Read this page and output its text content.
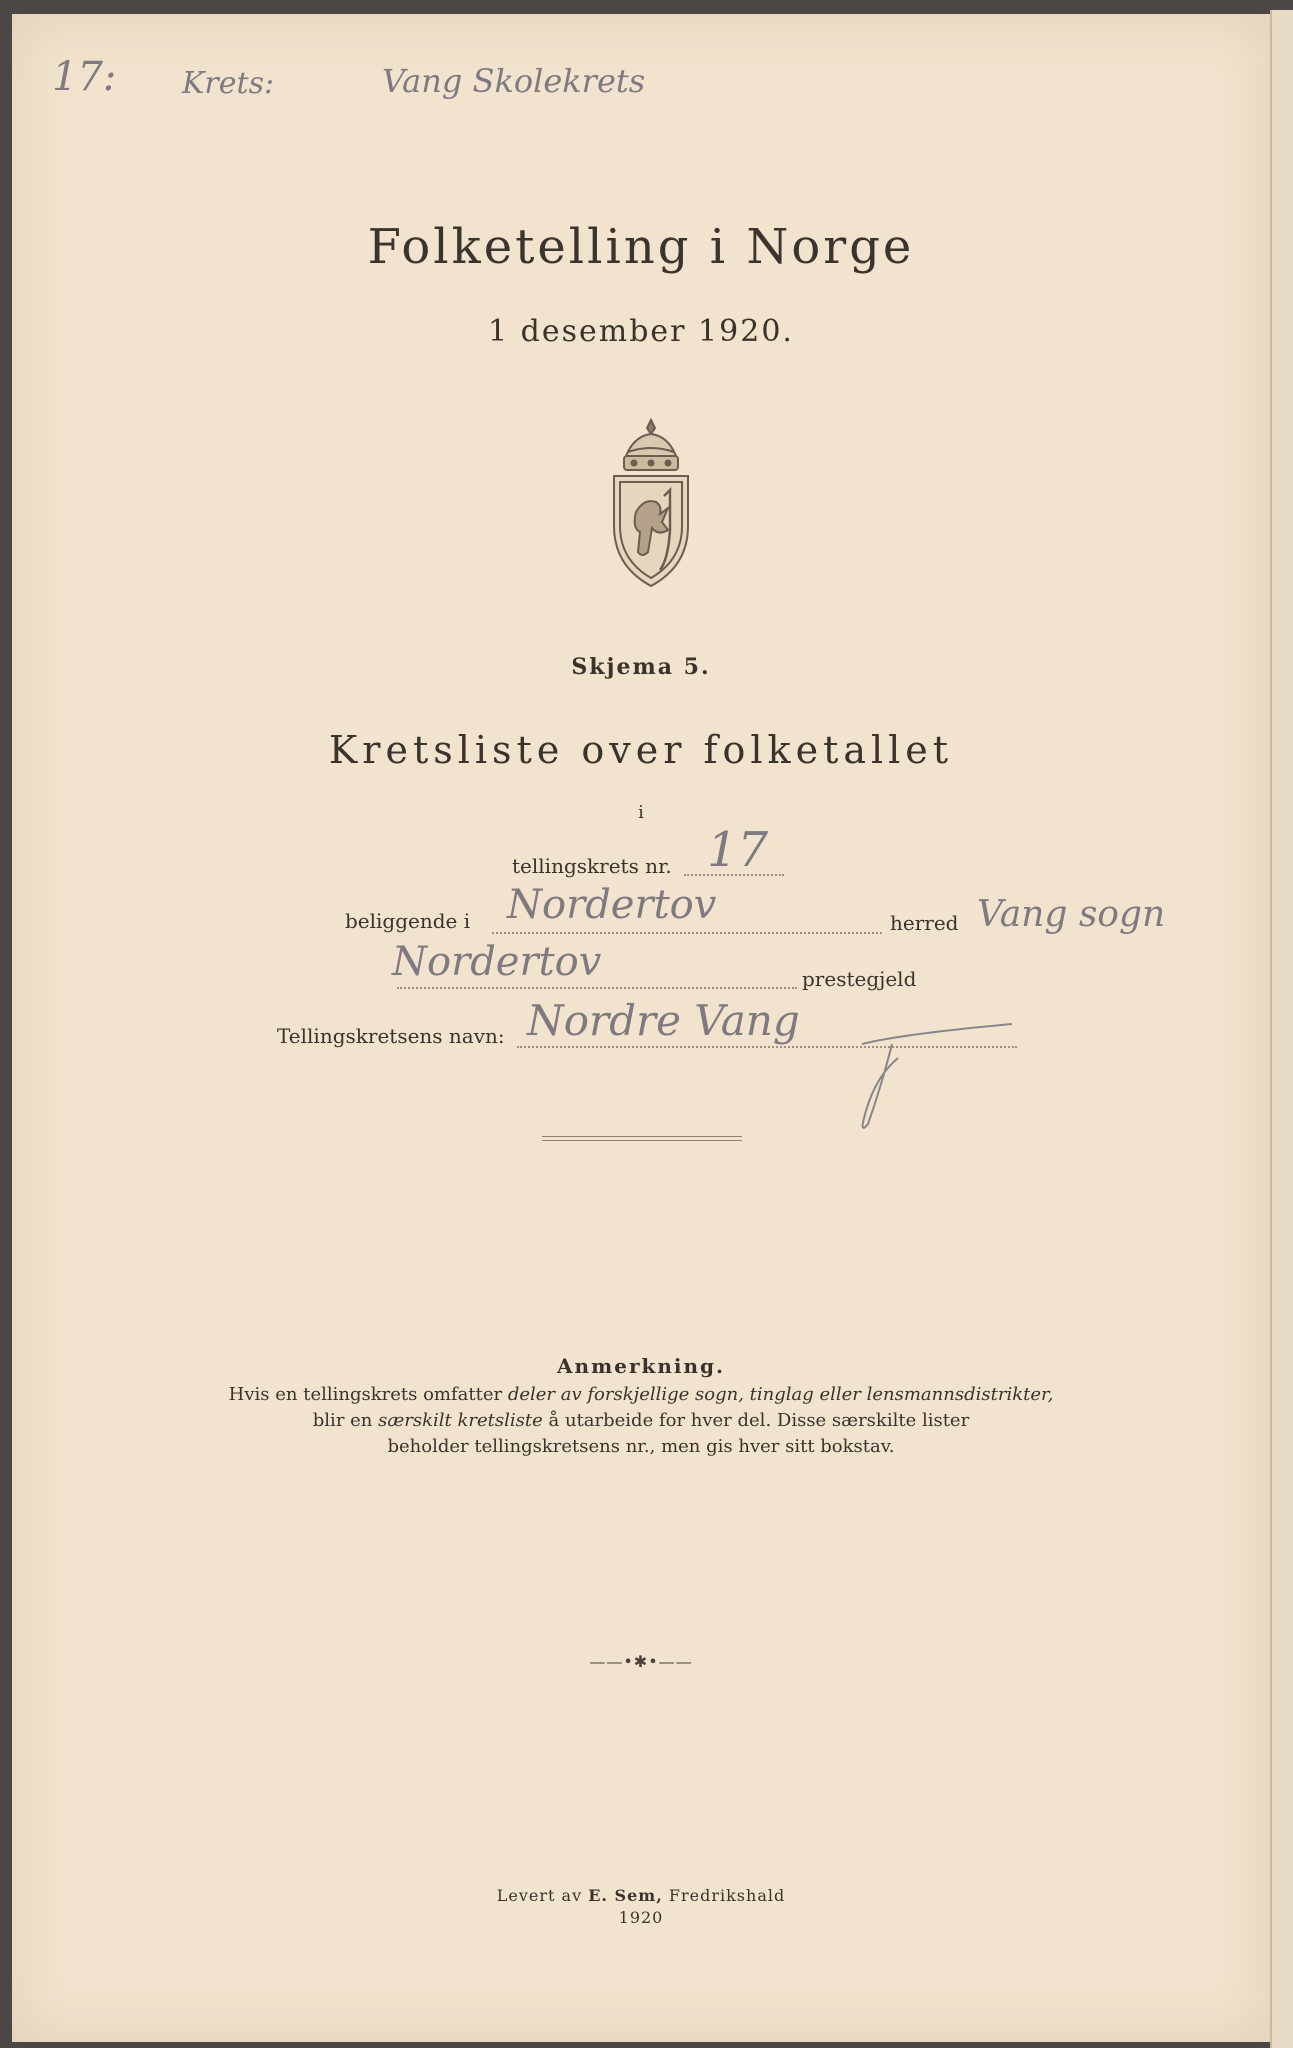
17: Krets:	Vang Skolekrets
Folketelling i Norge
1 desember 1920.
Skjema 5.
Kretsliste over folketallet
i
tellingskrets nr. 17
beliggende i Nordertov	herred Vang sogn
Nordertov	prestegjeld
Tellingskretsens navn: Nordre Vang
Anmerkning.
Hvis en tellingskrets omfatter deler av forskjellige sogn, tinglag eller lensmannsdistrikter,
blir en særskilt kretsliste å utarbeide for hver del. Disse særskilte lister
beholder tellingskretsens nr., men gis hver sitt bokstav.
——•✱•——
Levert av E. Sem, Fredrikshald
1920
